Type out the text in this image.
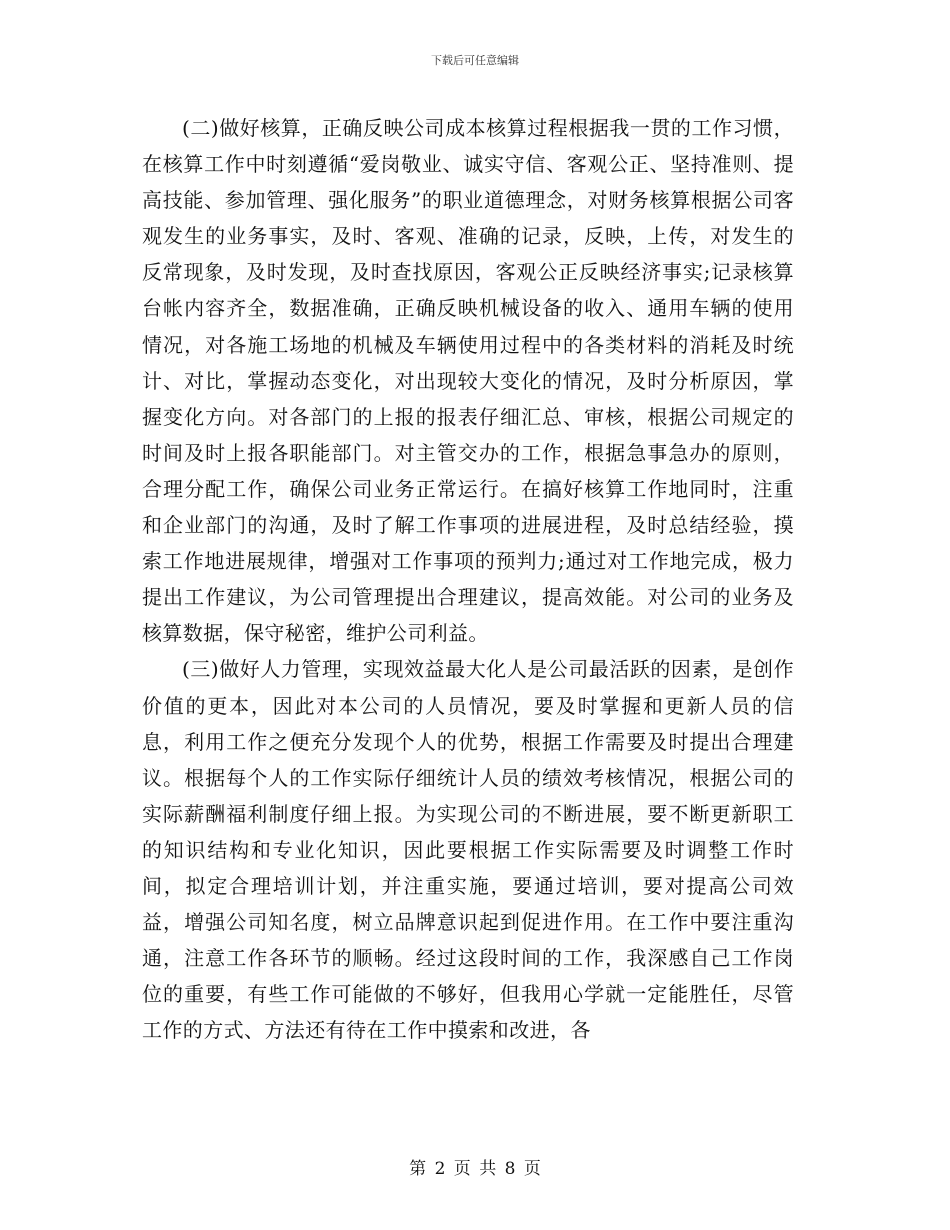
下载后可任意编辑

(二)做好核算，正确反映公司成本核算过程根据我一贯的工作习惯，在核算工作中时刻遵循“爱岗敬业、诚实守信、客观公正、坚持准则、提高技能、参加管理、强化服务”的职业道德理念，对财务核算根据公司客观发生的业务事实，及时、客观、准确的记录，反映，上传，对发生的反常现象，及时发现，及时查找原因，客观公正反映经济事实;记录核算台帐内容齐全，数据准确，正确反映机械设备的收入、通用车辆的使用情况，对各施工场地的机械及车辆使用过程中的各类材料的消耗及时统计、对比，掌握动态变化，对出现较大变化的情况，及时分析原因，掌握变化方向。对各部门的上报的报表仔细汇总、审核，根据公司规定的时间及时上报各职能部门。对主管交办的工作，根据急事急办的原则，合理分配工作，确保公司业务正常运行。在搞好核算工作地同时，注重和企业部门的沟通，及时了解工作事项的进展进程，及时总结经验，摸索工作地进展规律，增强对工作事项的预判力;通过对工作地完成，极力提出工作建议，为公司管理提出合理建议，提高效能。对公司的业务及核算数据，保守秘密，维护公司利益。

(三)做好人力管理，实现效益最大化人是公司最活跃的因素，是创作价值的更本，因此对本公司的人员情况，要及时掌握和更新人员的信息，利用工作之便充分发现个人的优势，根据工作需要及时提出合理建议。根据每个人的工作实际仔细统计人员的绩效考核情况，根据公司的实际薪酬福利制度仔细上报。为实现公司的不断进展，要不断更新职工的知识结构和专业化知识，因此要根据工作实际需要及时调整工作时间，拟定合理培训计划，并注重实施，要通过培训，要对提高公司效益，增强公司知名度，树立品牌意识起到促进作用。在工作中要注重沟通，注意工作各环节的顺畅。经过这段时间的工作，我深感自己工作岗位的重要，有些工作可能做的不够好，但我用心学就一定能胜任，尽管工作的方式、方法还有待在工作中摸索和改进，各

第 2 页 共 8 页
